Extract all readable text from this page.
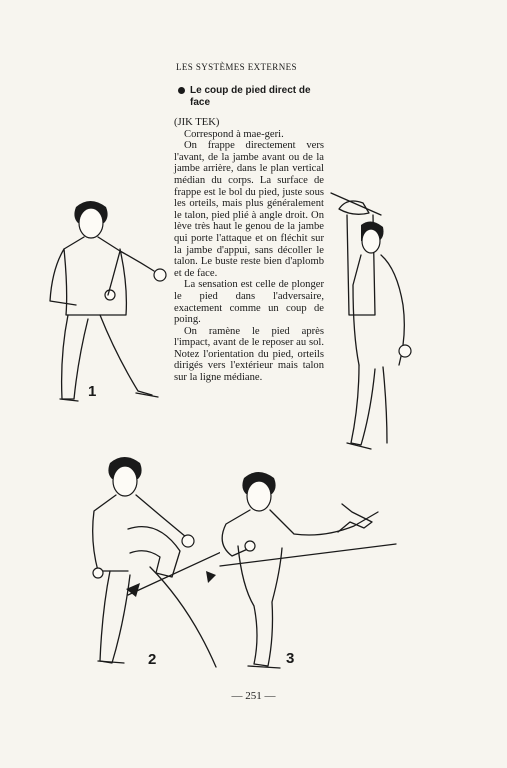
LES SYSTÈMES EXTERNES
Le coup de pied direct de face

(JIK TEK)

Correspond à mae-geri.

On frappe directement vers l'avant, de la jambe avant ou de la jambe arrière, dans le plan vertical médian du corps. La surface de frappe est le bol du pied, juste sous les orteils, mais plus généralement le talon, pied plié à angle droit. On lève très haut le genou de la jambe qui porte l'attaque et on fléchit sur la jambe d'appui, sans décoller le talon. Le buste reste bien d'aplomb et de face.

La sensation est celle de plonger le pied dans l'adversaire, exactement comme un coup de poing.

On ramène le pied après l'impact, avant de le reposer au sol. Notez l'orientation du pied, orteils dirigés vers l'extérieur mais talon sur la ligne médiane.

1
2	3
— 251 —
